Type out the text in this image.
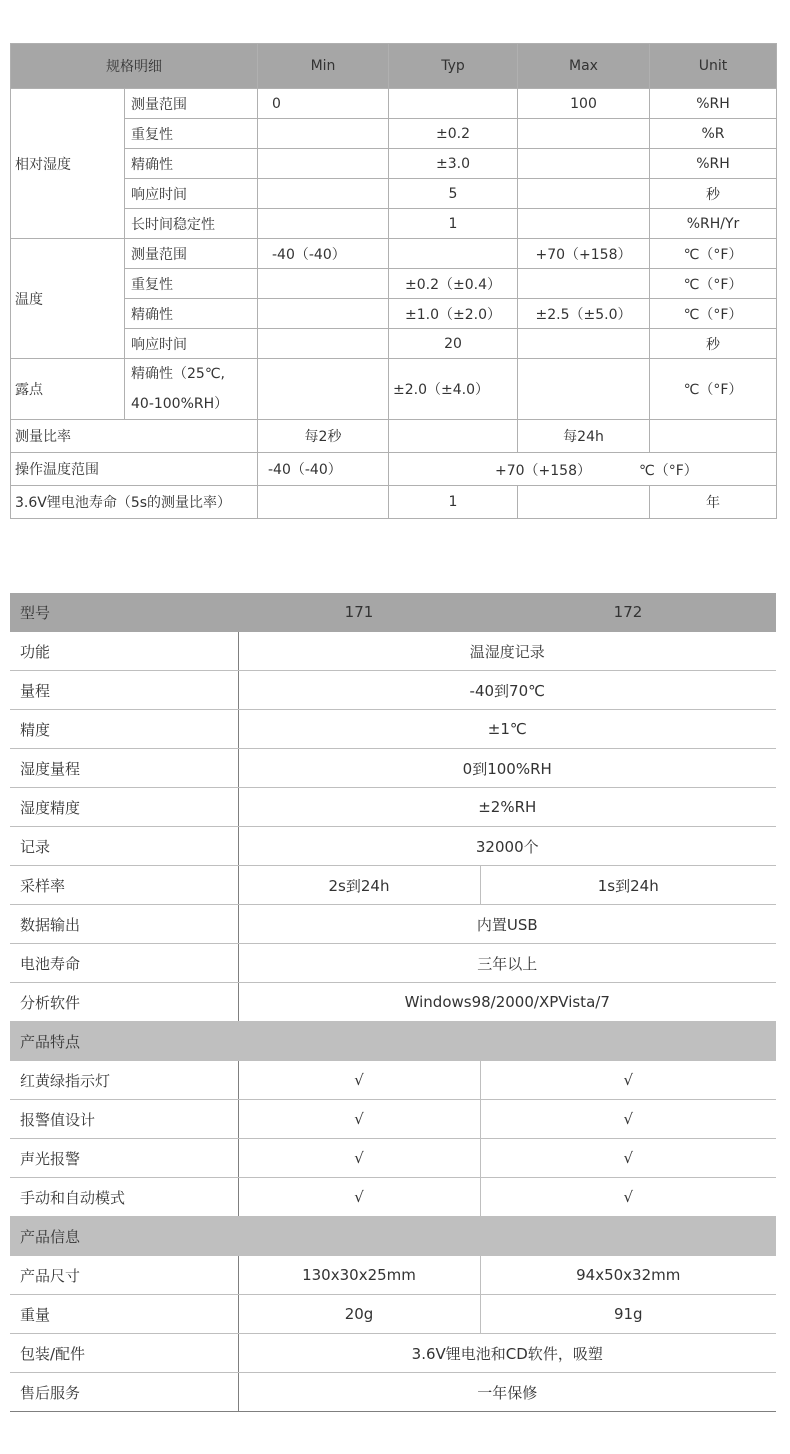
规格明细		Min	Typ	Max	Unit
相对湿度	测量范围	0		100	%RH
	重复性		±0.2		%R
	精确性		±3.0		%RH
	响应时间		5		秒
	长时间稳定性		1		%RH/Yr
温度	测量范围	-40（-40）		+70（+158）	℃（°F）
	重复性		±0.2（±0.4）		℃（°F）
	精确性		±1.0（±2.0）	±2.5（±5.0）	℃（°F）
	响应时间		20		秒
露点	精确性（25℃,
40-100%RH）		±2.0（±4.0）		℃（°F）
测量比率		每2秒		每24h	
操作温度范围		-40（-40）	+70（+158） ℃（°F）		

3.6V锂电池寿命（5s的测量比率）			1		年
型号	171	172
功能	温湿度记录	
量程	-40到70℃	
精度	±1℃	
湿度量程	0到100%RH	
湿度精度	±2%RH	
记录	32000个	
采样率	2s到24h	1s到24h
数据输出	内置USB	
电池寿命	三年以上	
分析软件	Windows98/2000/XPVista/7	
产品特点		
红黄绿指示灯	√	√
报警值设计	√	√
声光报警	√	√
手动和自动模式	√	√
产品信息		
产品尺寸	130x30x25mm	94x50x32mm
重量	20g	91g
包装/配件	3.6V锂电池和CD软件，吸塑	
售后服务	一年保修	
